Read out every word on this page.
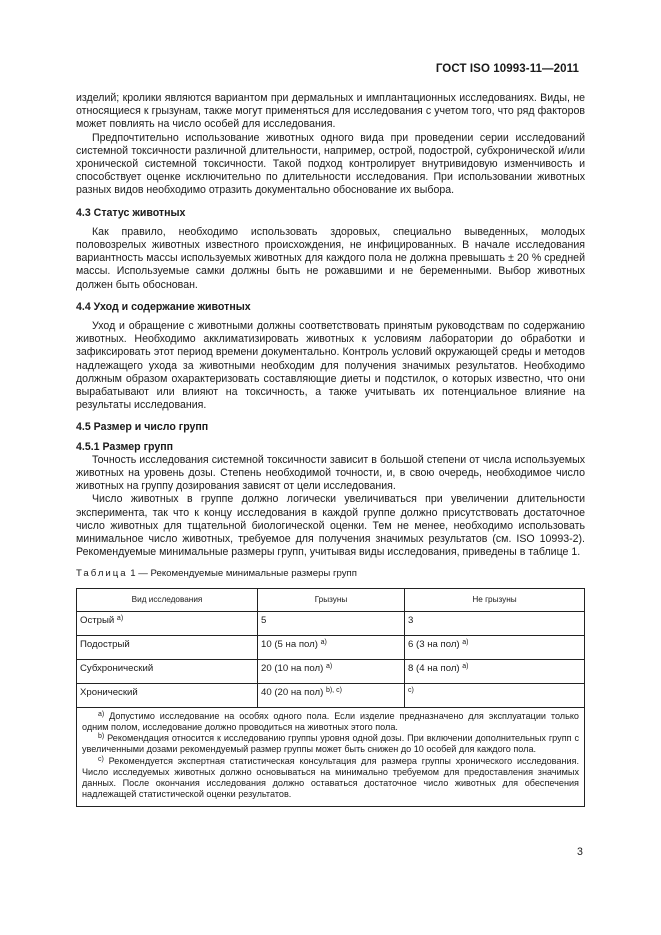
ГОСТ ISO 10993-11—2011

изделий; кролики являются вариантом при дермальных и имплантационных исследованиях. Виды, не относящиеся к грызунам, также могут применяться для исследования с учетом того, что ряд факторов может повлиять на число особей для исследования.

Предпочтительно использование животных одного вида при проведении серии исследований системной токсичности различной длительности, например, острой, подострой, субхронической и/или хронической системной токсичности. Такой подход контролирует внутривидовую изменчивость и способствует оценке исключительно по длительности исследования. При использовании животных разных видов необходимо отразить документально обоснование их выбора.

4.3 Статус животных

Как правило, необходимо использовать здоровых, специально выведенных, молодых половозрелых животных известного происхождения, не инфицированных. В начале исследования вариантность массы используемых животных для каждого пола не должна превышать ± 20 % средней массы. Используемые самки должны быть не рожавшими и не беременными. Выбор животных должен быть обоснован.

4.4 Уход и содержание животных

Уход и обращение с животными должны соответствовать принятым руководствам по содержанию животных. Необходимо акклиматизировать животных к условиям лаборатории до обработки и зафиксировать этот период времени документально. Контроль условий окружающей среды и методов надлежащего ухода за животными необходим для получения значимых результатов. Необходимо должным образом охарактеризовать составляющие диеты и подстилок, о которых известно, что они вырабатывают или влияют на токсичность, а также учитывать их потенциальное влияние на результаты исследования.

4.5 Размер и число групп

4.5.1 Размер групп

Точность исследования системной токсичности зависит в большой степени от числа используемых животных на уровень дозы. Степень необходимой точности, и, в свою очередь, необходимое число животных на группу дозирования зависят от цели исследования.

Число животных в группе должно логически увеличиваться при увеличении длительности эксперимента, так что к концу исследования в каждой группе должно присутствовать достаточное число животных для тщательной биологической оценки. Тем не менее, необходимо использовать минимальное число животных, требуемое для получения значимых результатов (см. ISO 10993-2). Рекомендуемые минимальные размеры групп, учитывая виды исследования, приведены в таблице 1.

Таблица 1 — Рекомендуемые минимальные размеры групп

Вид исследования	Грызуны	Не грызуны
Острый $^{а)}$	5	3
Подострый	10 (5 на пол) $^{а)}$	6 (3 на пол) $^{а)}$
Субхронический	20 (10 на пол) $^{а)}$	8 (4 на пол) $^{а)}$
Хронический	40 (20 на пол) $^{b), c)}$	$^{c)}$

$^{а)}$ Допустимо исследование на особях одного пола. Если изделие предназначено для эксплуатации только одним полом, исследование должно проводиться на животных этого пола.

$^{b)}$ Рекомендация относится к исследованию группы уровня одной дозы. При включении дополнительных групп с увеличенными дозами рекомендуемый размер группы может быть снижен до 10 особей для каждого пола.

$^{c)}$ Рекомендуется экспертная статистическая консультация для размера группы хронического исследования. Число исследуемых животных должно основываться на минимально требуемом для предоставления значимых данных. После окончания исследования должно оставаться достаточное число животных для обеспечения надлежащей статистической оценки результатов.		

3
